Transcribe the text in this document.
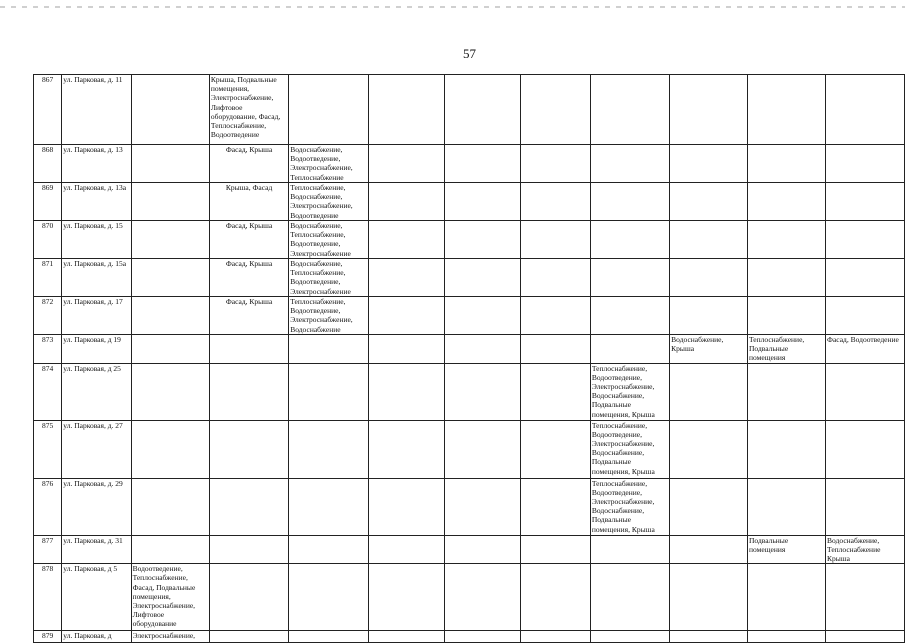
57
867	ул. Парковая, д. 11		Крыша, Подвальные помещения, Электроснабжение, Лифтовое оборудование, Фасад, Теплоснабжение, Водоотведение								
868	ул. Парковая, д. 13		Фасад, Крыша	Водоснабжение, Водоотведение, Электроснабжение, Теплоснабжение							
869	ул. Парковая, д. 13а		Крыша, Фасад	Теплоснабжение, Водоснабжение, Электроснабжение, Водоотведение							
870	ул. Парковая, д. 15		Фасад, Крыша	Водоснабжение, Теплоснабжение, Водоотведение, Электроснабжение							
871	ул. Парковая, д. 15а		Фасад, Крыша	Водоснабжение, Теплоснабжение, Водоотведение, Электроснабжение							
872	ул. Парковая, д. 17		Фасад, Крыша	Теплоснабжение, Водоотведение, Электроснабжение, Водоснабжение							
873	ул. Парковая, д 19								Водоснабжение, Крыша	Теплоснабжение, Подвальные помещения	Фасад, Водоотведение
874	ул. Парковая, д 25							Теплоснабжение, Водоотведение, Электроснабжение, Водоснабжение, Подвальные помещения, Крыша			
875	ул. Парковая, д. 27							Теплоснабжение, Водоотведение, Электроснабжение, Водоснабжение, Подвальные помещения, Крыша			
876	ул. Парковая, д. 29							Теплоснабжение, Водоотведение, Электроснабжение, Водоснабжение, Подвальные помещения, Крыша			
877	ул. Парковая, д. 31									Подвальные помещения	Водоснабжение, Теплоснабжение Крыша
878	ул. Парковая, д 5	Водоотведение, Теплоснабжение, Фасад, Подвальные помещения, Электроснабжение, Лифтовое оборудование									
879	ул. Парковая, д	Электроснабжение,									
